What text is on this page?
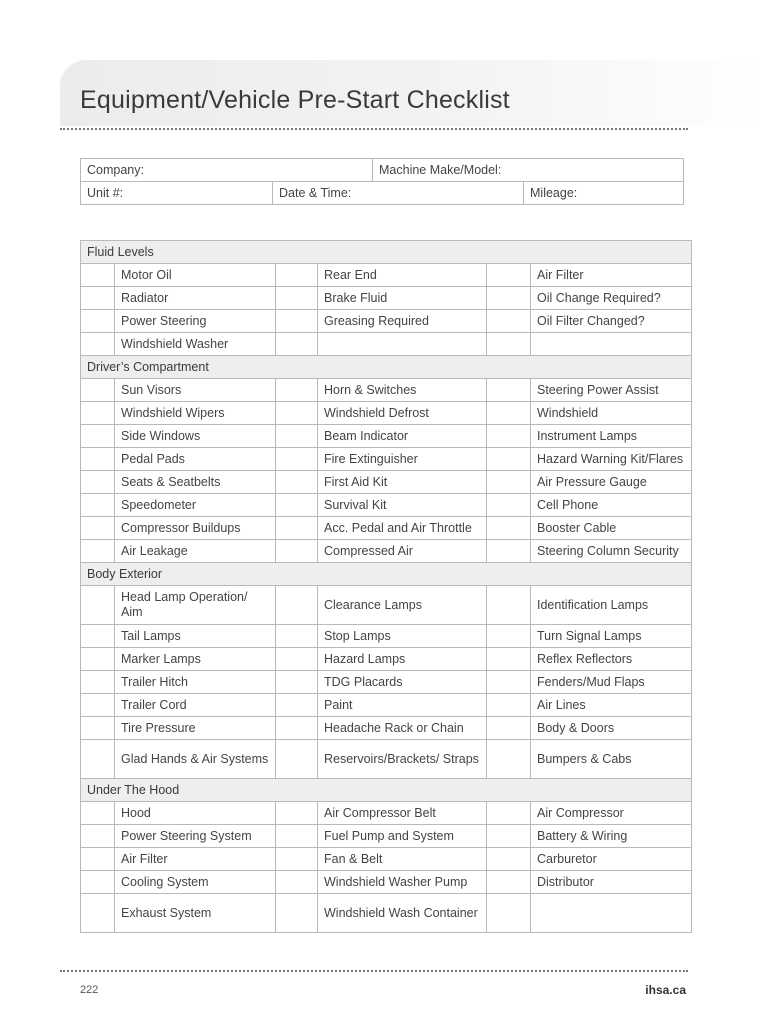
Equipment/Vehicle Pre-Start Checklist
Company:		Machine Make/Model:	
Unit #:	Date & Time:		Mileage:
Fluid Levels					
	Motor Oil		Rear End		Air Filter
	Radiator		Brake Fluid		Oil Change Required?
	Power Steering		Greasing Required		Oil Filter Changed?
	Windshield Washer				
Driver’s Compartment					
	Sun Visors		Horn & Switches		Steering Power Assist
	Windshield Wipers		Windshield Defrost		Windshield
	Side Windows		Beam Indicator		Instrument Lamps
	Pedal Pads		Fire Extinguisher		Hazard Warning Kit/Flares
	Seats & Seatbelts		First Aid Kit		Air Pressure Gauge
	Speedometer		Survival Kit		Cell Phone
	Compressor Buildups		Acc. Pedal and Air Throttle		Booster Cable
	Air Leakage		Compressed Air		Steering Column Security
Body Exterior					
	Head Lamp Operation/ Aim		Clearance Lamps		Identification Lamps
	Tail Lamps		Stop Lamps		Turn Signal Lamps
	Marker Lamps		Hazard Lamps		Reflex Reflectors
	Trailer Hitch		TDG Placards		Fenders/Mud Flaps
	Trailer Cord		Paint		Air Lines
	Tire Pressure		Headache Rack or Chain		Body & Doors
	Glad Hands & Air Systems		Reservoirs/Brackets/ Straps		Bumpers & Cabs
Under The Hood					
	Hood		Air Compressor Belt		Air Compressor
	Power Steering System		Fuel Pump and System		Battery & Wiring
	Air Filter		Fan & Belt		Carburetor
	Cooling System		Windshield Washer Pump		Distributor
	Exhaust System		Windshield Wash Container		
222	ihsa.ca
